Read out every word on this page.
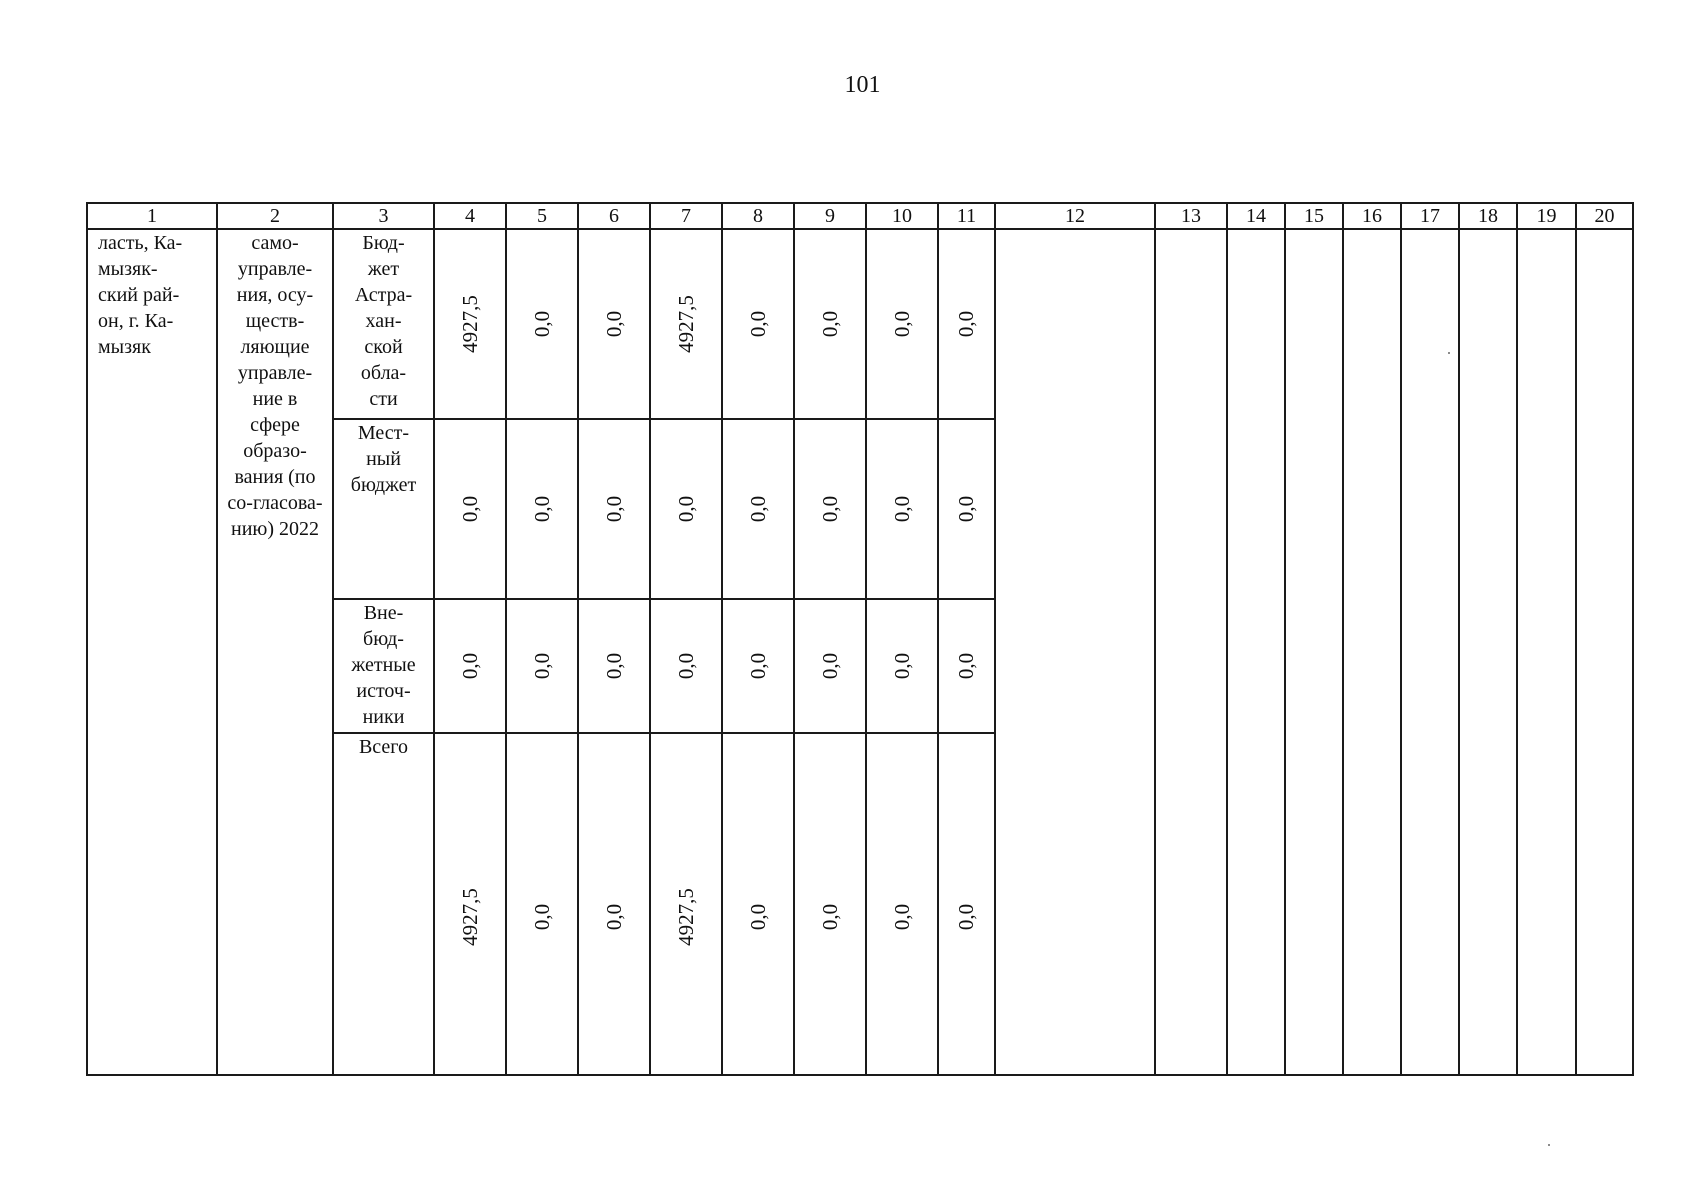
101
1	2	3	4	5	6	7	8	9	10	11	12	13	14	15	16	17	18	19	20

ласть, Ка-мызяк-ский рай-он, г. Ка-мызяк	само-управле-ния, осу-ществ-ляющие управле-ние в сфере образо-вания (по со-гласова-нию) 2022	Бюд-жет Астра-хан-ской обла-сти	4927,5	0,0	0,0	4927,5	0,0	0,0	0,0	0,0									

		Мест-ный бюджет	0,0	0,0	0,0	0,0	0,0	0,0	0,0	0,0									

		Вне-бюд-жетные источ-ники	0,0	0,0	0,0	0,0	0,0	0,0	0,0	0,0									
		Всего	4927,5	0,0	0,0	4927,5	0,0	0,0	0,0	0,0									
